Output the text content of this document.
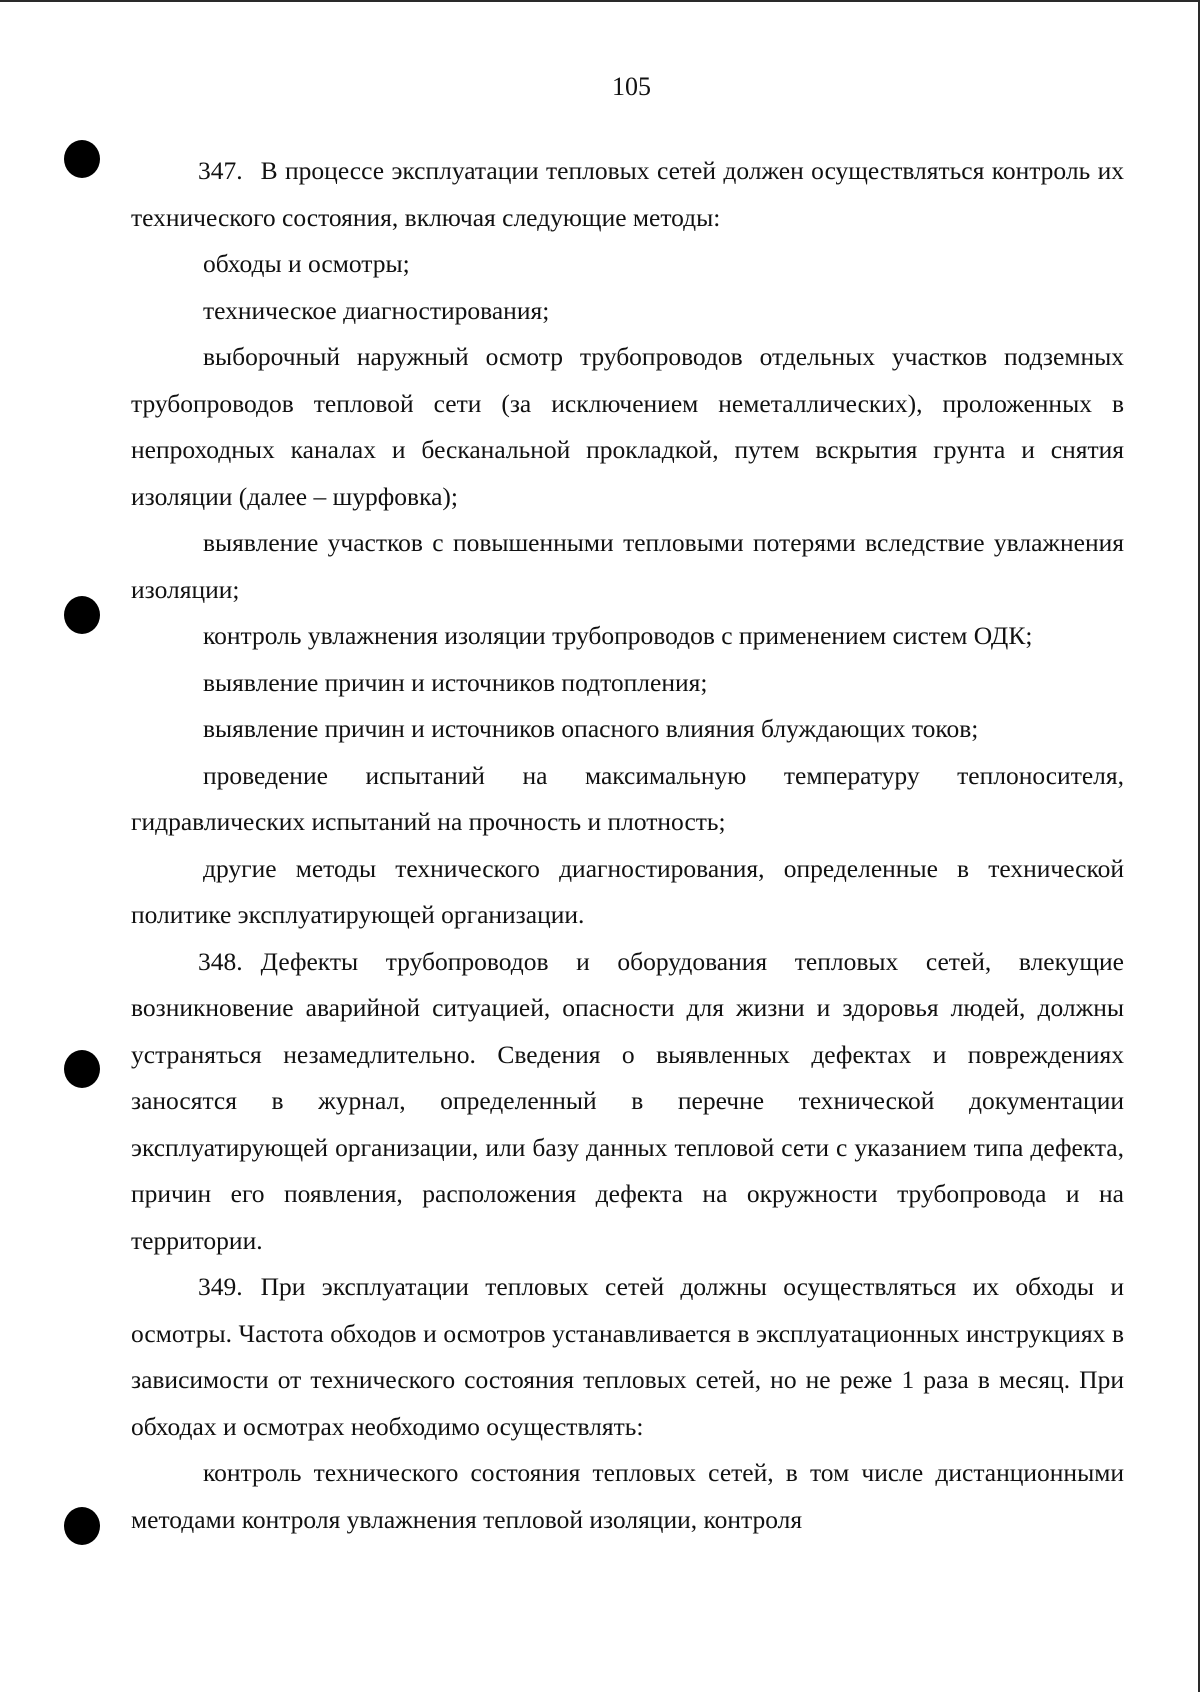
105

347. В процессе эксплуатации тепловых сетей должен осуществляться контроль их технического состояния, включая следующие методы:

обходы и осмотры;

техническое диагностирования;

выборочный наружный осмотр трубопроводов отдельных участков подземных трубопроводов тепловой сети (за исключением неметаллических), проложенных в непроходных каналах и бесканальной прокладкой, путем вскрытия грунта и снятия изоляции (далее – шурфовка);

выявление участков с повышенными тепловыми потерями вследствие увлажнения изоляции;

контроль увлажнения изоляции трубопроводов с применением систем ОДК;

выявление причин и источников подтопления;

выявление причин и источников опасного влияния блуждающих токов;

проведение испытаний на максимальную температуру теплоносителя, гидравлических испытаний на прочность и плотность;

другие методы технического диагностирования, определенные в технической политике эксплуатирующей организации.

348. Дефекты трубопроводов и оборудования тепловых сетей, влекущие возникновение аварийной ситуацией, опасности для жизни и здоровья людей, должны устраняться незамедлительно. Сведения о выявленных дефектах и повреждениях заносятся в журнал, определенный в перечне технической документации эксплуатирующей организации, или базу данных тепловой сети с указанием типа дефекта, причин его появления, расположения дефекта на окружности трубопровода и на территории.

349. При эксплуатации тепловых сетей должны осуществляться их обходы и осмотры. Частота обходов и осмотров устанавливается в эксплуатационных инструкциях в зависимости от технического состояния тепловых сетей, но не реже 1 раза в месяц. При обходах и осмотрах необходимо осуществлять:

контроль технического состояния тепловых сетей, в том числе дистанционными методами контроля увлажнения тепловой изоляции, контроля
